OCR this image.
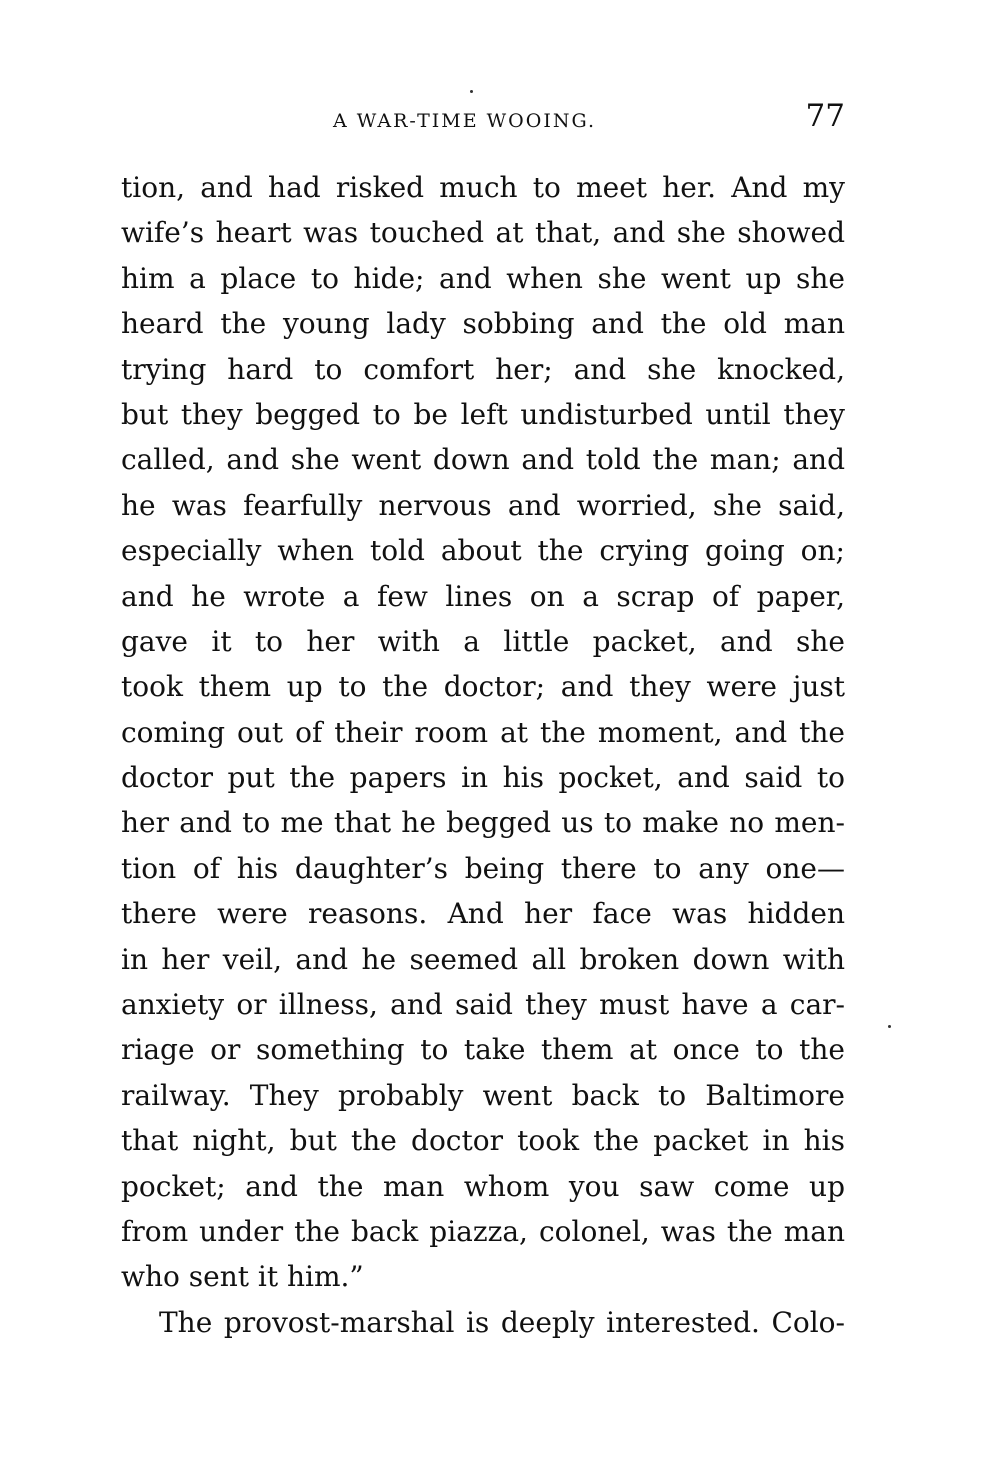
A WAR-TIME WOOING.	77
tion, and had risked much to meet her. And my
wife’s heart was touched at that, and she showed
him a place to hide; and when she went up she
heard the young lady sobbing and the old man
trying hard to comfort her; and she knocked,
but they begged to be left undisturbed until they
called, and she went down and told the man; and
he was fearfully nervous and worried, she said,
especially when told about the crying going on;
and he wrote a few lines on a scrap of paper,
gave it to her with a little packet, and she
took them up to the doctor; and they were just
coming out of their room at the moment, and the
doctor put the papers in his pocket, and said to
her and to me that he begged us to make no men-
tion of his daughter’s being there to any one—
there were reasons. And her face was hidden
in her veil, and he seemed all broken down with
anxiety or illness, and said they must have a car-
riage or something to take them at once to the
railway. They probably went back to Baltimore
that night, but the doctor took the packet in his
pocket; and the man whom you saw come up
from under the back piazza, colonel, was the man
who sent it him.”
The provost-marshal is deeply interested. Colo-
